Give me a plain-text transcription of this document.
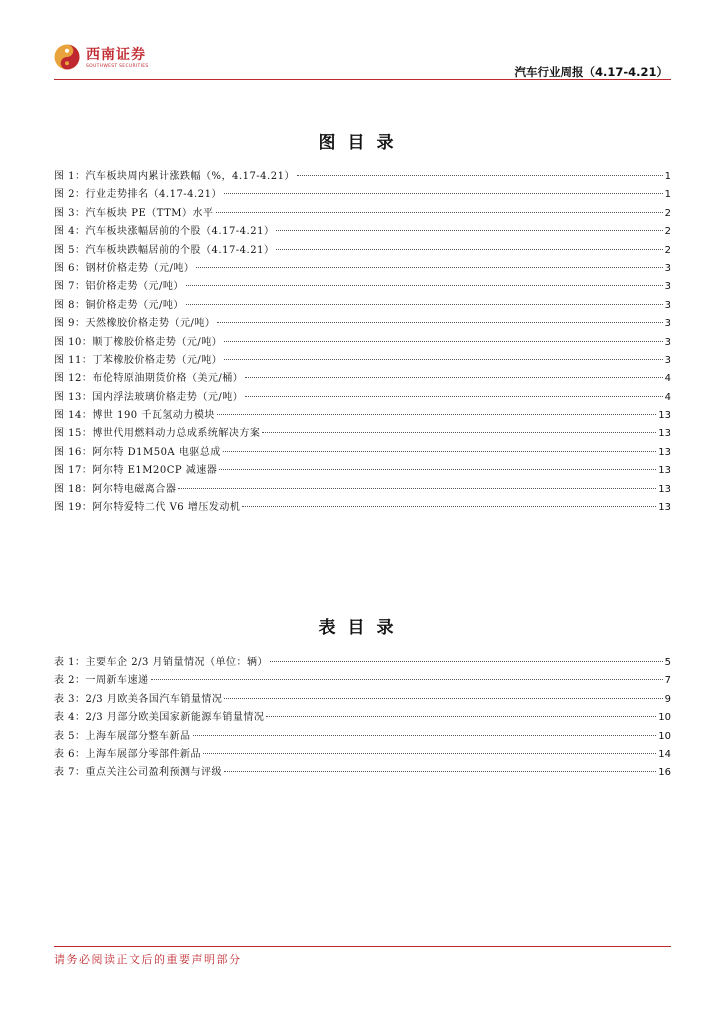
西南证券
SOUTHWEST SECURITIES	汽车行业周报（4.17-4.21）
图目录
图 1：汽车板块周内累计涨跌幅（%，4.17-4.21）	1
图 2：行业走势排名（4.17-4.21）	1
图 3：汽车板块 PE（TTM）水平	2
图 4：汽车板块涨幅居前的个股（4.17-4.21）	2
图 5：汽车板块跌幅居前的个股（4.17-4.21）	2
图 6：钢材价格走势（元/吨）	3
图 7：铝价格走势（元/吨）	3
图 8：铜价格走势（元/吨）	3
图 9：天然橡胶价格走势（元/吨）	3
图 10：顺丁橡胶价格走势（元/吨）	3
图 11：丁苯橡胶价格走势（元/吨）	3
图 12：布伦特原油期货价格（美元/桶）	4
图 13：国内浮法玻璃价格走势（元/吨）	4
图 14：博世 190 千瓦氢动力模块	13
图 15：博世代用燃料动力总成系统解决方案	13
图 16：阿尔特 D1M50A 电驱总成	13
图 17：阿尔特 E1M20CP 减速器	13
图 18：阿尔特电磁离合器	13
图 19：阿尔特爱特二代 V6 增压发动机	13
表目录
表 1：主要车企 2/3 月销量情况（单位：辆）	5
表 2：一周新车速递	7
表 3：2/3 月欧美各国汽车销量情况	9
表 4：2/3 月部分欧美国家新能源车销量情况	10
表 5：上海车展部分整车新品	10
表 6：上海车展部分零部件新品	14
表 7：重点关注公司盈利预测与评级	16
请务必阅读正文后的重要声明部分
